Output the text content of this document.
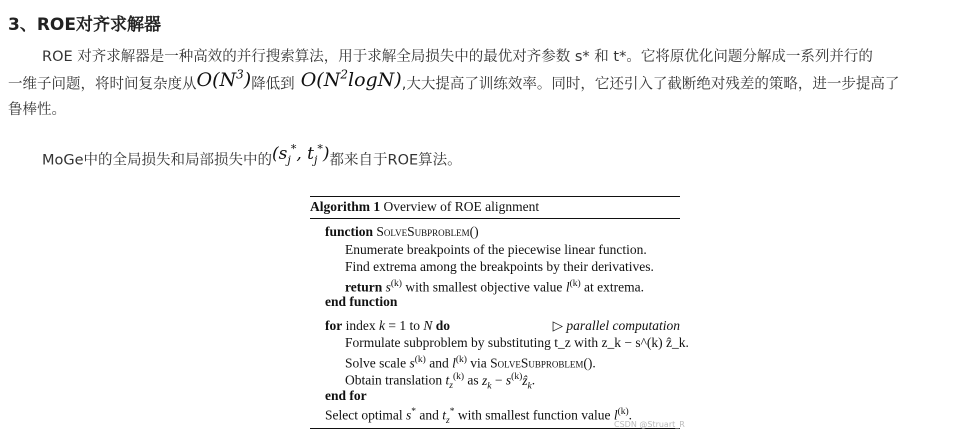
3、ROE对齐求解器
ROE 对齐求解器是一种高效的并行搜索算法，用于求解全局损失中的最优对齐参数 s* 和 t*。它将原优化问题分解成一系列并行的
一维子问题，将时间复杂度从$O(N^3)$降低到 $O(N^2\log N)$,大大提高了训练效率。同时，它还引入了截断绝对残差的策略，进一步提高了
鲁棒性。
MoGe中的全局损失和局部损失中的($s_j^*$, $t_j^*$)都来自于ROE算法。
Algorithm 1 Overview of ROE alignment
function SolveSubproblem()
Enumerate breakpoints of the piecewise linear function.
Find extrema among the breakpoints by their derivatives.
return $s^{(k)}$ with smallest objective value $l^{(k)}$ at extrema.
end function
for index k = 1 to N do	▷ parallel computation
Formulate subproblem by substituting t_z with z_k − s^(k) ẑ_k.
Solve scale $s^{(k)}$ and $l^{(k)}$ via SolveSubproblem().
Obtain translation $t_z^{(k)}$ as $z_k$ − $s^{(k)}ẑ_k$.
end for
Select optimal s* and $t_z^*$ with smallest function value $l^{(k)}$.
CSDN @Struart_R
